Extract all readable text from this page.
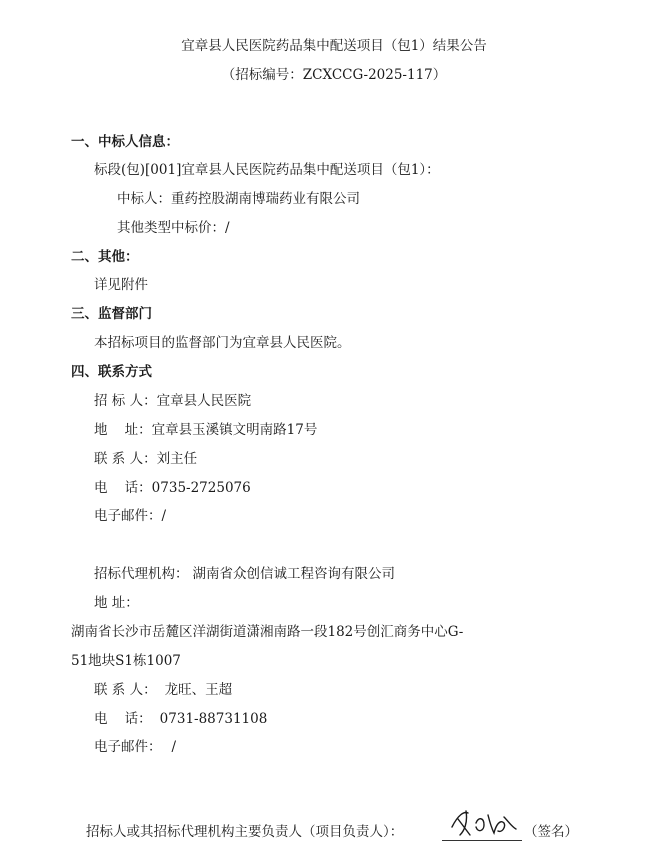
宜章县人民医院药品集中配送项目（包1）结果公告
（招标编号：ZCXCCG-2025-117）
一、中标人信息：
标段(包)[001]宜章县人民医院药品集中配送项目（包1）：
中标人：重药控股湖南博瑞药业有限公司
其他类型中标价：/
二、其他：
详见附件
三、监督部门
本招标项目的监督部门为宜章县人民医院。
四、联系方式
招 标 人：宜章县人民医院
地    址：宜章县玉溪镇文明南路17号
联 系 人：刘主任
电    话：0735-2725076
电子邮件：/
招标代理机构： 湖南省众创信诚工程咨询有限公司
地 址：
湖南省长沙市岳麓区洋湖街道潇湘南路一段182号创汇商务中心G-
51地块S1栋1007
联 系 人： 龙旺、王超
电    话： 0731-88731108
电子邮件： /
招标人或其招标代理机构主要负责人（项目负责人）：	（签名）
